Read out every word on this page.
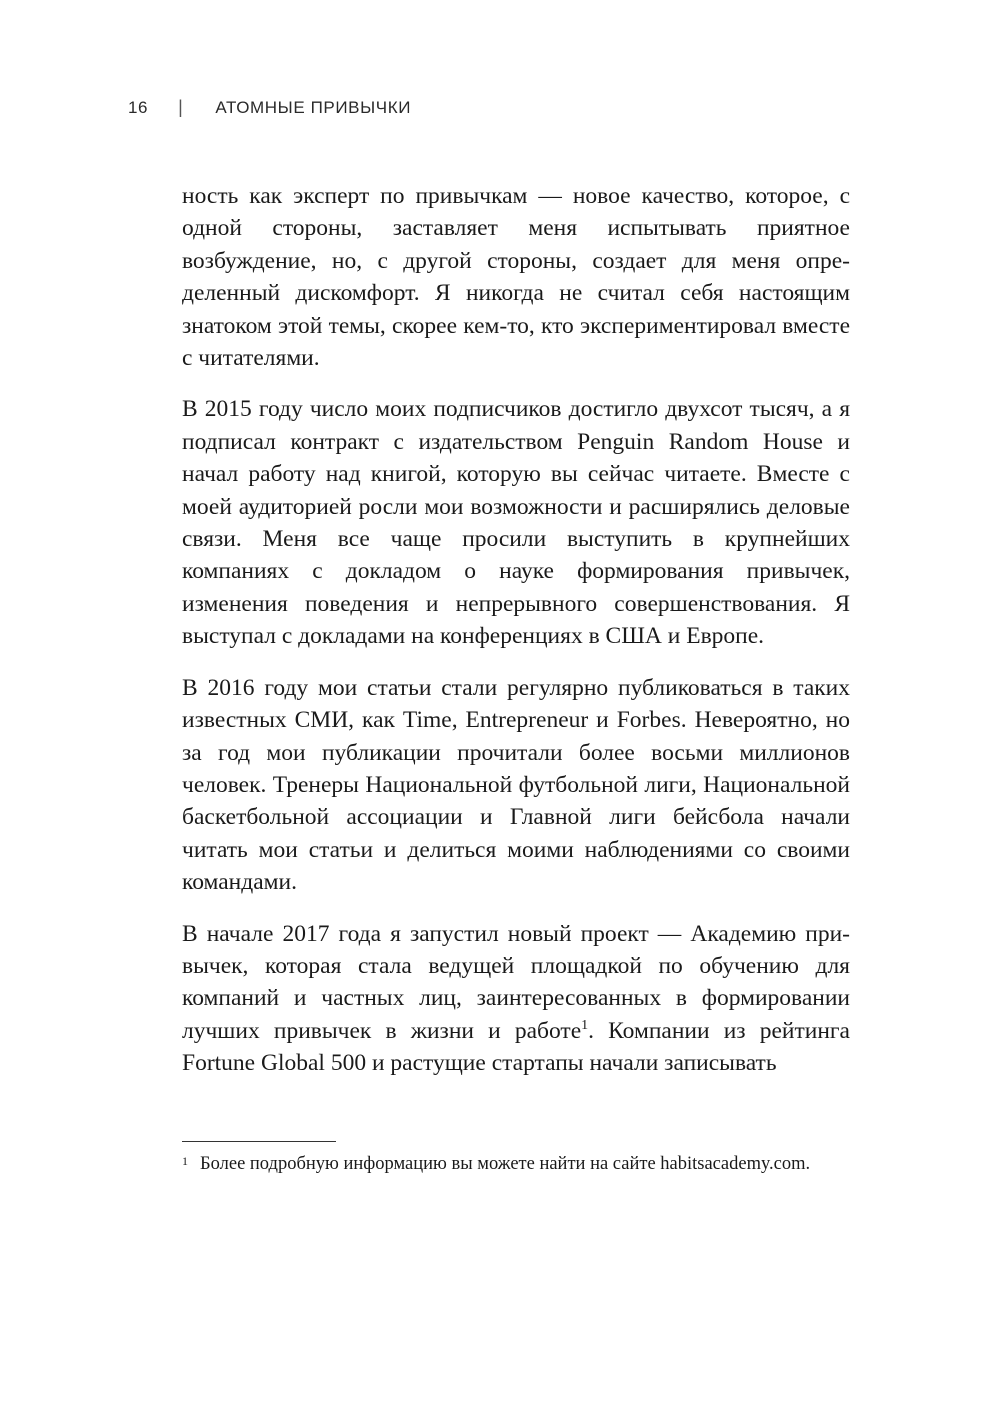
16 | АТОМНЫЕ ПРИВЫЧКИ

ность как эксперт по привычкам — новое качество, которое, с одной стороны, заставляет меня испытывать приятное возбуждение, но, с другой стороны, создает для меня определенный дискомфорт. Я никогда не считал себя настоящим знатоком этой темы, скорее кем-то, кто экспериментировал вместе с читателями.

В 2015 году число моих подписчиков достигло двухсот тысяч, а я подписал контракт с издательством Penguin Random House и начал работу над книгой, которую вы сейчас читаете. Вместе с моей аудиторией росли мои возможности и расширялись деловые связи. Меня все чаще просили выступить в крупнейших компаниях с докладом о науке формирования привычек, изменения поведения и непрерывного совершенствования. Я выступал с докладами на конференциях в США и Европе.

В 2016 году мои статьи стали регулярно публиковаться в таких известных СМИ, как Time, Entrepreneur и Forbes. Невероятно, но за год мои публикации прочитали более восьми миллионов человек. Тренеры Национальной футбольной лиги, Национальной баскетбольной ассоциации и Главной лиги бейсбола начали читать мои статьи и делиться моими наблюдениями со своими командами.

В начале 2017 года я запустил новый проект — Академию привычек, которая стала ведущей площадкой по обучению для компаний и частных лиц, заинтересованных в формировании лучших привычек в жизни и работе$^1$. Компании из рейтинга Fortune Global 500 и растущие стартапы начали записывать

1 Более подробную информацию вы можете найти на сайте habitsacademy.com.
